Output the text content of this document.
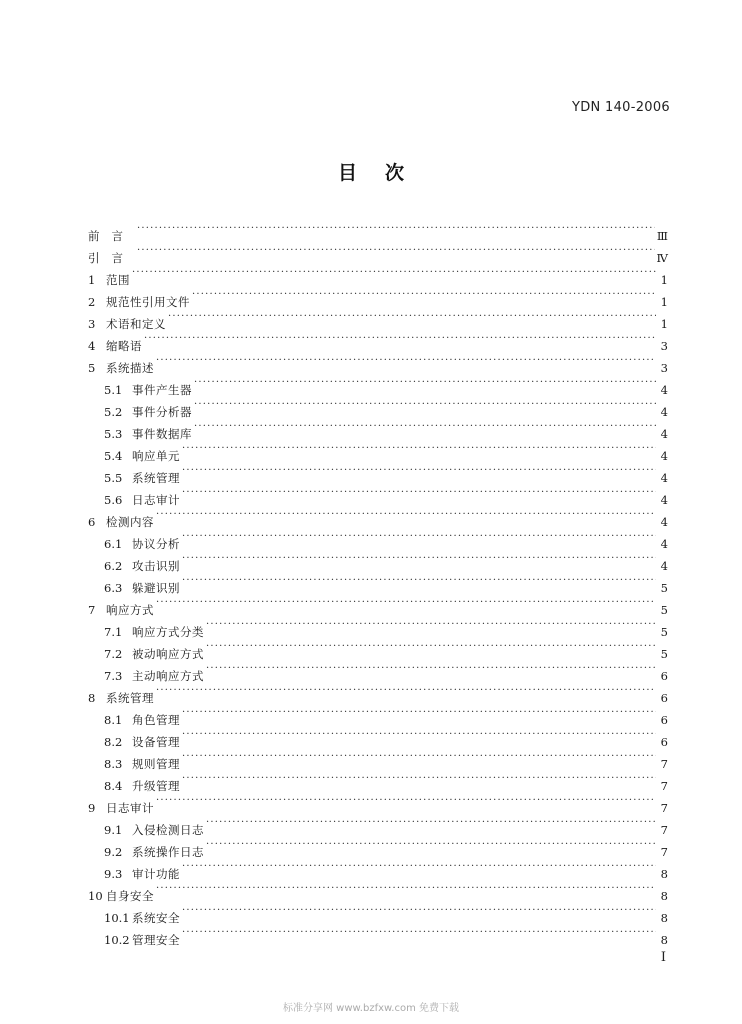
YDN 140-2006
目次
前言 ·····	Ⅲ
引言 ·····	Ⅳ
1 范围 ·····	1
2 规范性引用文件 ·····	1
3 术语和定义 ·····	1
4 缩略语 ·····	3
5 系统描述 ·····	3
5.1 事件产生器 ·····	4
5.2 事件分析器 ·····	4
5.3 事件数据库 ·····	4
5.4 响应单元 ·····	4
5.5 系统管理 ·····	4
5.6 日志审计 ·····	4
6 检测内容 ·····	4
6.1 协议分析 ·····	4
6.2 攻击识别 ·····	4
6.3 躲避识别 ·····	5
7 响应方式 ·····	5
7.1 响应方式分类 ·····	5
7.2 被动响应方式 ·····	5
7.3 主动响应方式 ·····	6
8 系统管理 ·····	6
8.1 角色管理 ·····	6
8.2 设备管理 ·····	6
8.3 规则管理 ·····	7
8.4 升级管理 ·····	7
9 日志审计 ·····	7
9.1 入侵检测日志 ·····	7
9.2 系统操作日志 ·····	7
9.3 审计功能 ·····	8
10 自身安全 ·····	8
10.1 系统安全 ·····	8
10.2 管理安全 ·····	8
I
标准分享网 www.bzfxw.com 免费下载
